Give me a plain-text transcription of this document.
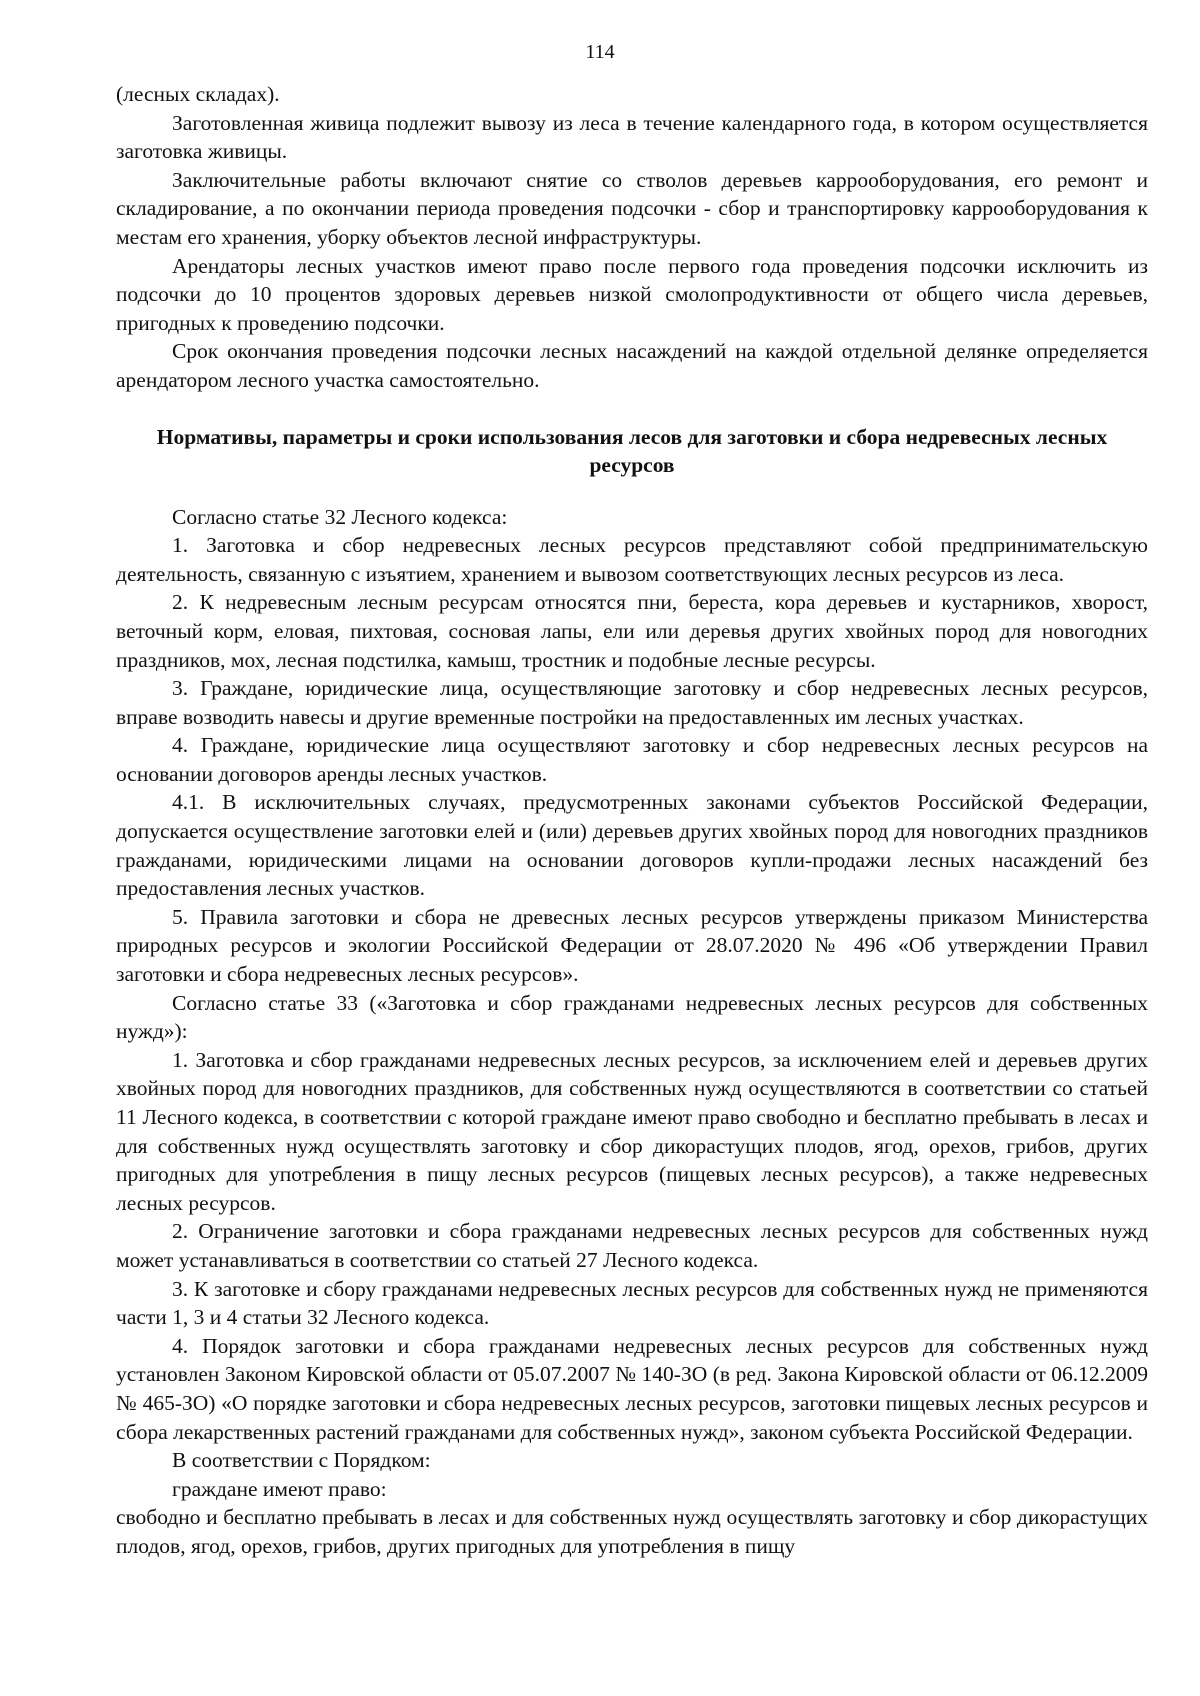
114

(лесных складах).

Заготовленная живица подлежит вывозу из леса в течение календарного года, в котором осуществляется заготовка живицы.

Заключительные работы включают снятие со стволов деревьев каррооборудования, его ремонт и складирование, а по окончании периода проведения подсочки - сбор и транспортировку каррооборудования к местам его хранения, уборку объектов лесной инфраструктуры.

Арендаторы лесных участков имеют право после первого года проведения подсочки исключить из подсочки до 10 процентов здоровых деревьев низкой смолопродуктивности от общего числа деревьев, пригодных к проведению подсочки.

Срок окончания проведения подсочки лесных насаждений на каждой отдельной делянке определяется арендатором лесного участка самостоятельно.

Нормативы, параметры и сроки использования лесов для заготовки и сбора недревесных лесных ресурсов

Согласно статье 32 Лесного кодекса:

1. Заготовка и сбор недревесных лесных ресурсов представляют собой предпринимательскую деятельность, связанную с изъятием, хранением и вывозом соответствующих лесных ресурсов из леса.

2. К недревесным лесным ресурсам относятся пни, береста, кора деревьев и кустарников, хворост, веточный корм, еловая, пихтовая, сосновая лапы, ели или деревья других хвойных пород для новогодних праздников, мох, лесная подстилка, камыш, тростник и подобные лесные ресурсы.

3. Граждане, юридические лица, осуществляющие заготовку и сбор недревесных лесных ресурсов, вправе возводить навесы и другие временные постройки на предоставленных им лесных участках.

4. Граждане, юридические лица осуществляют заготовку и сбор недревесных лесных ресурсов на основании договоров аренды лесных участков.

4.1. В исключительных случаях, предусмотренных законами субъектов Российской Федерации, допускается осуществление заготовки елей и (или) деревьев других хвойных пород для новогодних праздников гражданами, юридическими лицами на основании договоров купли-продажи лесных насаждений без предоставления лесных участков.

5. Правила заготовки и сбора не древесных лесных ресурсов утверждены приказом Министерства природных ресурсов и экологии Российской Федерации от 28.07.2020 № 496 «Об утверждении Правил заготовки и сбора недревесных лесных ресурсов».

Согласно статье 33 («Заготовка и сбор гражданами недревесных лесных ресурсов для собственных нужд»):

1. Заготовка и сбор гражданами недревесных лесных ресурсов, за исключением елей и деревьев других хвойных пород для новогодних праздников, для собственных нужд осуществляются в соответствии со статьей 11 Лесного кодекса, в соответствии с которой граждане имеют право свободно и бесплатно пребывать в лесах и для собственных нужд осуществлять заготовку и сбор дикорастущих плодов, ягод, орехов, грибов, других пригодных для употребления в пищу лесных ресурсов (пищевых лесных ресурсов), а также недревесных лесных ресурсов.

2. Ограничение заготовки и сбора гражданами недревесных лесных ресурсов для собственных нужд может устанавливаться в соответствии со статьей 27 Лесного кодекса.

3. К заготовке и сбору гражданами недревесных лесных ресурсов для собственных нужд не применяются части 1, 3 и 4 статьи 32 Лесного кодекса.

4. Порядок заготовки и сбора гражданами недревесных лесных ресурсов для собственных нужд установлен Законом Кировской области от 05.07.2007 № 140-ЗО (в ред. Закона Кировской области от 06.12.2009 № 465-ЗО) «О порядке заготовки и сбора недревесных лесных ресурсов, заготовки пищевых лесных ресурсов и сбора лекарственных растений гражданами для собственных нужд», законом субъекта Российской Федерации.

В соответствии с Порядком:

граждане имеют право:

свободно и бесплатно пребывать в лесах и для собственных нужд осуществлять заготовку и сбор дикорастущих плодов, ягод, орехов, грибов, других пригодных для употребления в пищу
